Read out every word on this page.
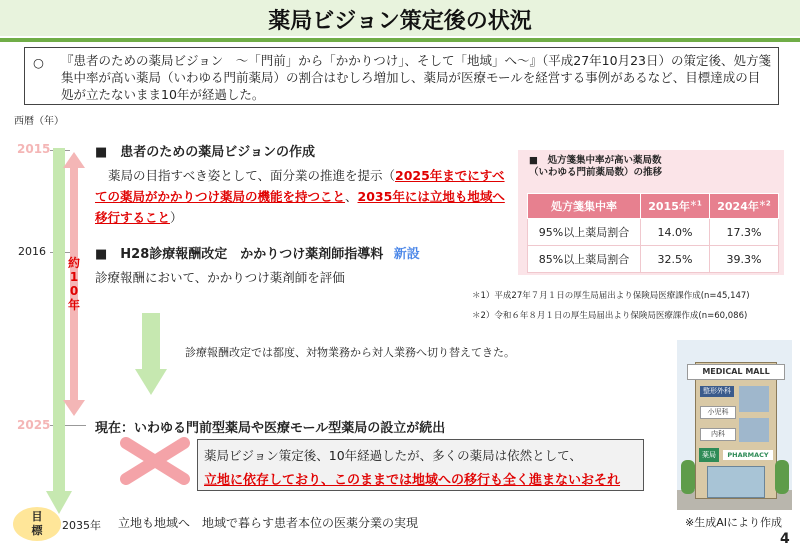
薬局ビジョン策定後の状況
○ 『患者のための薬局ビジョン　～「門前」から「かかりつけ」、そして「地域」へ～』（平成27年10月23日）の策定後、処方箋集中率が高い薬局（いわゆる門前薬局）の割合はむしろ増加し、薬局が医療モールを経営する事例があるなど、目標達成の目処が立たないまま10年が経過した。
西暦（年）
2015
2016
2025
約
1
0
年
目
標	2035年 立地も地域へ　地域で暮らす患者本位の医薬分業の実現
■　患者のための薬局ビジョンの作成
薬局の目指すべき姿として、面分業の推進を提示（2025年までにすべての薬局がかかりつけ薬局の機能を持つこと、2035年には立地も地域へ移行すること）
■　H28診療報酬改定　かかりつけ薬剤師指導料 新設
診療報酬において、かかりつけ薬剤師を評価
診療報酬改定では都度、対物業務から対人業務へ切り替えてきた。
現在：いわゆる門前型薬局や医療モール型薬局の設立が続出
薬局ビジョン策定後、10年経過したが、多くの薬局は依然として、
立地に依存しており、このままでは地域への移行も全く進まないおそれ
■　処方箋集中率が高い薬局数
（いわゆる門前薬局数）の推移
処方箋集中率	2015年$^{*1}$	2024年$^{*2}$
95%以上薬局割合	14.0%	17.3%
85%以上薬局割合	32.5%	39.3%
＊1）平成27年７月１日の厚生局届出より保険局医療課作成(n=45,147)
＊2）令和６年８月１日の厚生局届出より保険局医療課作成(n=60,086)
MEDICAL MALL
整形外科
小児科
内科
薬局	PHARMACY
※生成AIにより作成
4
